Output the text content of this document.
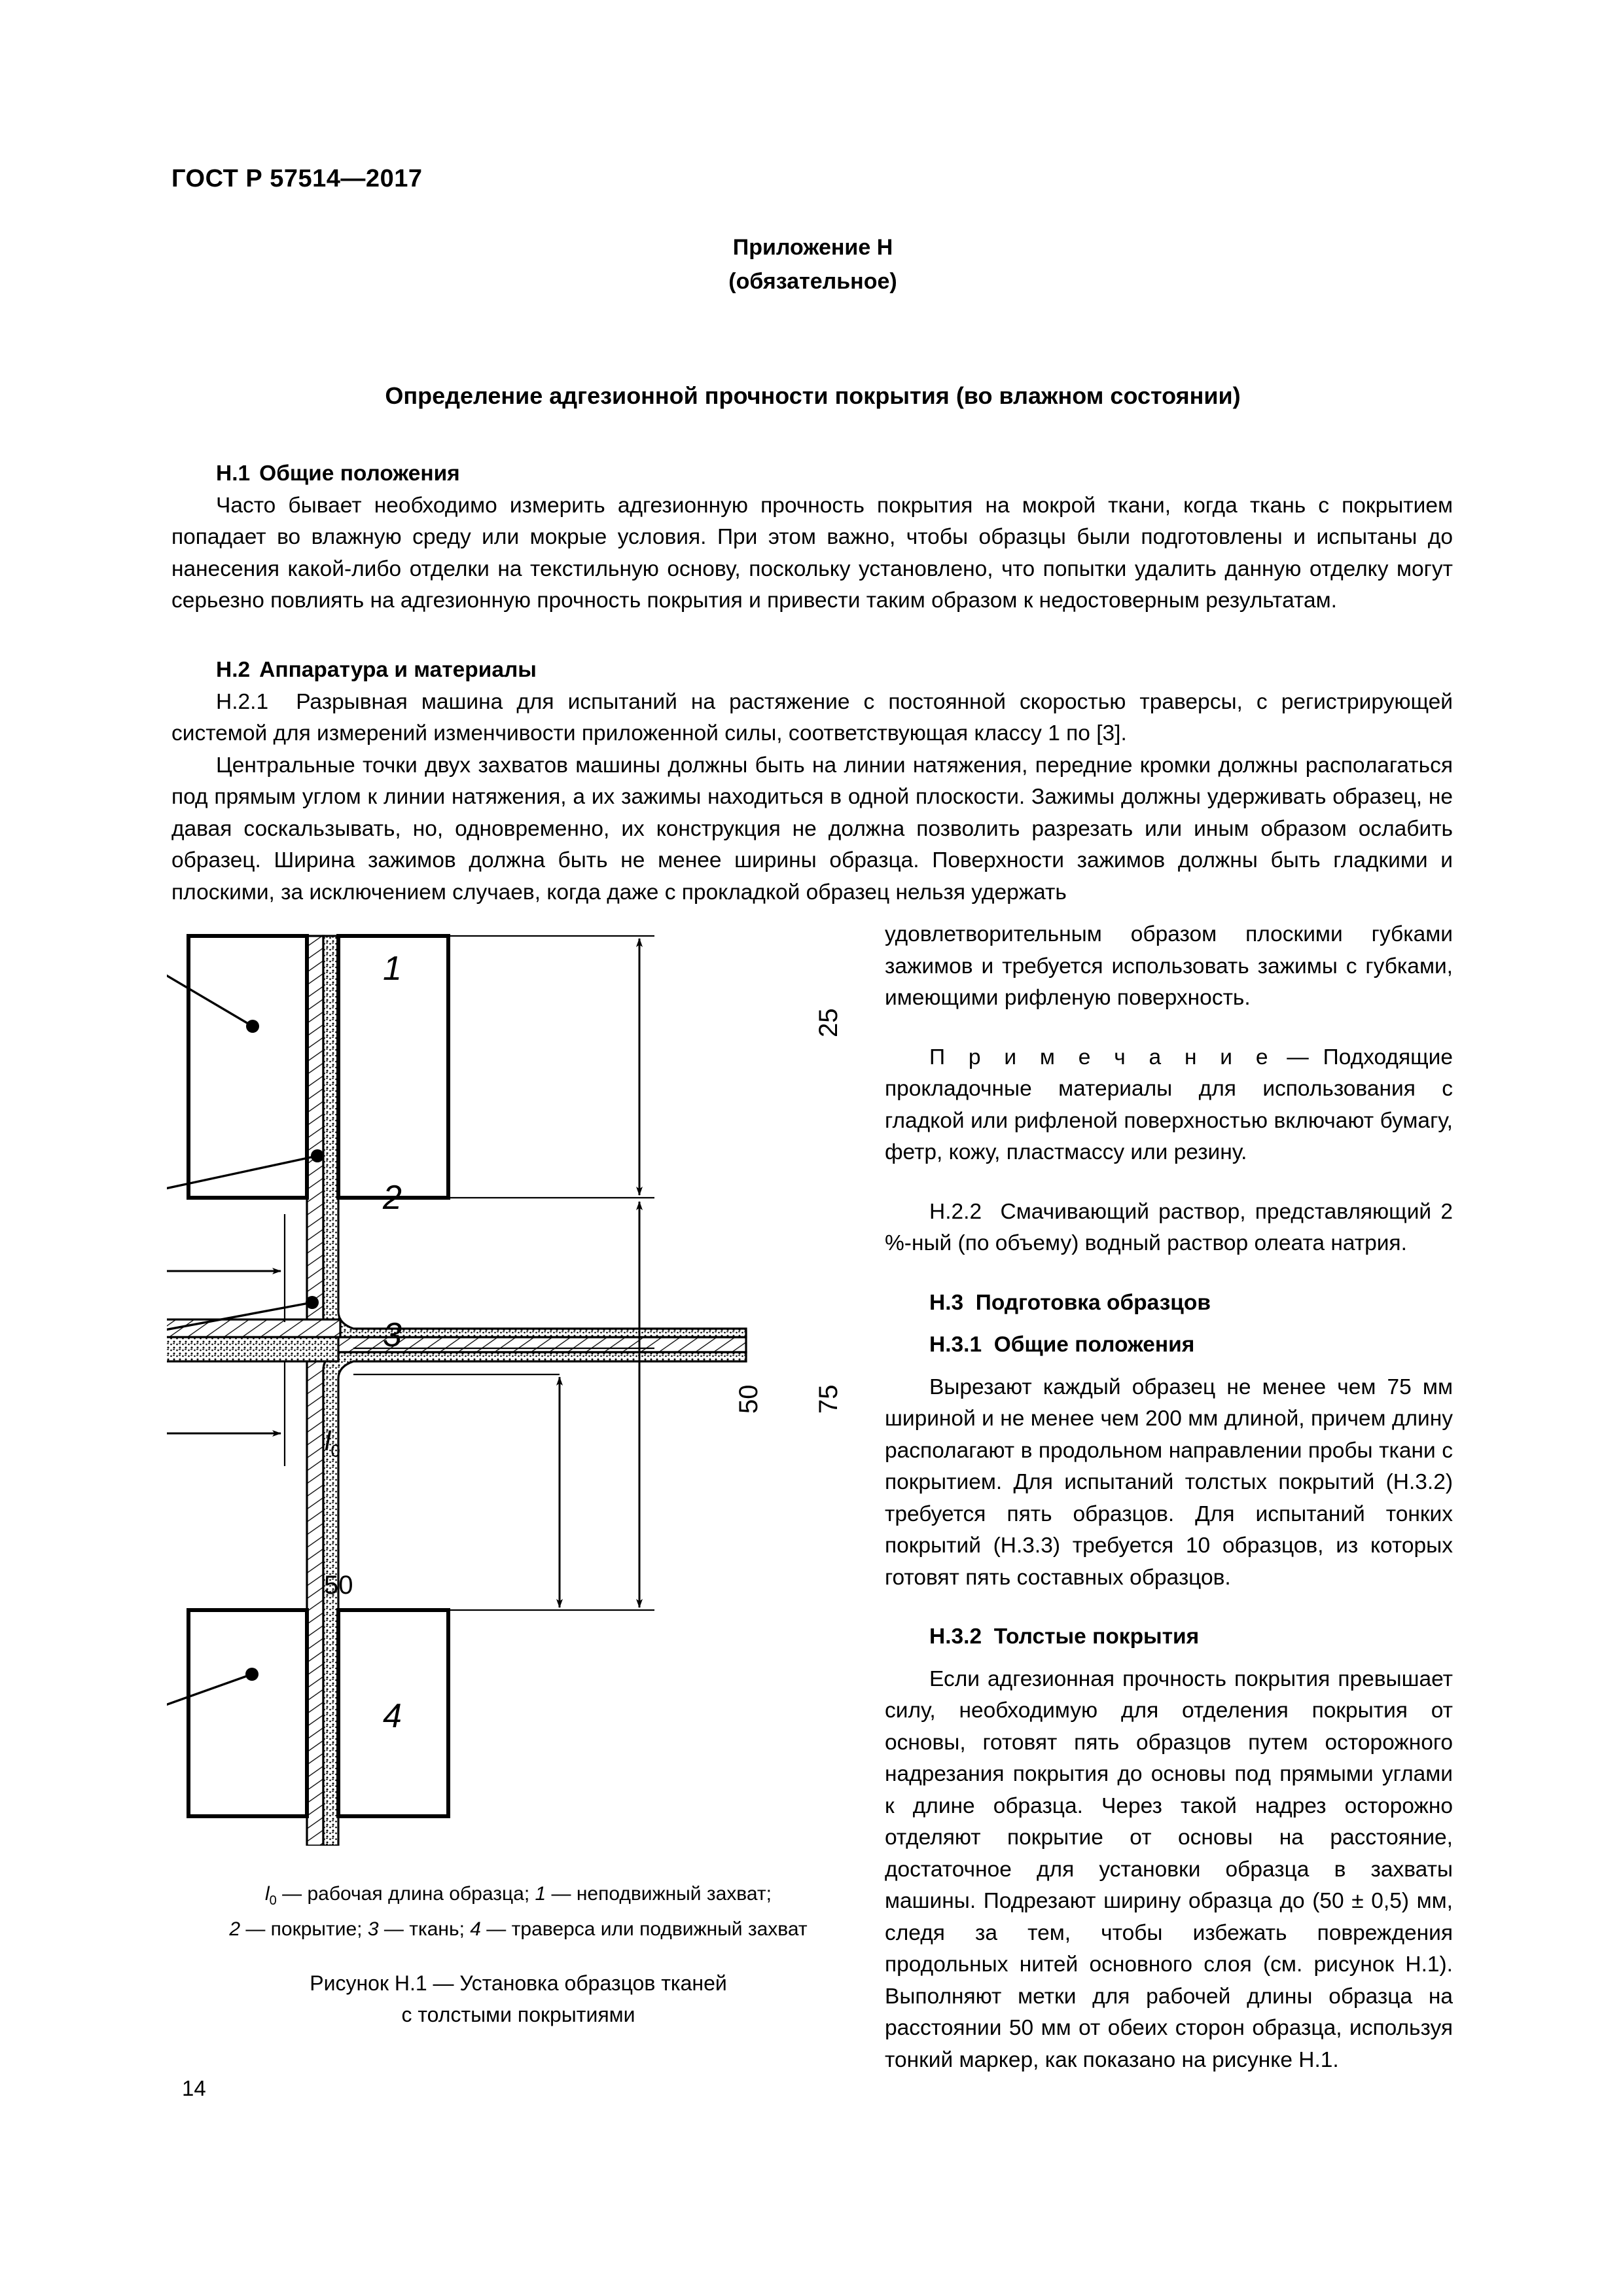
ГОСТ Р 57514—2017
Приложение Н
(обязательное)
Определение адгезионной прочности покрытия (во влажном состоянии)

Н.1 Общие положения

Часто бывает необходимо измерить адгезионную прочность покрытия на мокрой ткани, когда ткань с покрытием попадает во влажную среду или мокрые условия. При этом важно, чтобы образцы были подготовлены и испытаны до нанесения какой-либо отделки на текстильную основу, поскольку установлено, что попытки удалить данную отделку могут серьезно повлиять на адгезионную прочность покрытия и привести таким образом к недостоверным результатам.

Н.2 Аппаратура и материалы

Н.2.1 Разрывная машина для испытаний на растяжение с постоянной скоростью траверсы, с регистрирующей системой для измерений изменчивости приложенной силы, соответствующая классу 1 по [3].

Центральные точки двух захватов машины должны быть на линии натяжения, передние кромки должны располагаться под прямым углом к линии натяжения, а их зажимы находиться в одной плоскости. Зажимы должны удерживать образец, не давая соскальзывать, но, одновременно, их конструкция не должна позволить разрезать или иным образом ослабить образец. Ширина зажимов должна быть не менее ширины образца. Поверхности зажимов должны быть гладкими и плоскими, за исключением случаев, когда даже с прокладкой образец нельзя удержать

1
2
3
4
25
50 75
$l_0$
50
$l_0$ — рабочая длина образца; 1 — неподвижный захват;
2 — покрытие; 3 — ткань; 4 — траверса или подвижный захват
Рисунок Н.1 — Установка образцов тканей
с толстыми покрытиями

удовлетворительным образом плоскими губками зажимов и требуется использовать зажимы с губками, имеющими рифленую поверхность.

П р и м е ч а н и е — Подходящие прокладочные материалы для использования с гладкой или рифленой поверхностью включают бумагу, фетр, кожу, пластмассу или резину.

Н.2.2 Смачивающий раствор, представляющий 2 %-ный (по объему) водный раствор олеата натрия.

Н.3 Подготовка образцов

Н.3.1 Общие положения

Вырезают каждый образец не менее чем 75 мм шириной и не менее чем 200 мм длиной, причем длину располагают в продольном направлении пробы ткани с покрытием. Для испытаний толстых покрытий (Н.3.2) требуется пять образцов. Для испытаний тонких покрытий (Н.3.3) требуется 10 образцов, из которых готовят пять составных образцов.

Н.3.2 Толстые покрытия

Если адгезионная прочность покрытия превышает силу, необходимую для отделения покрытия от основы, готовят пять образцов путем осторожного надрезания покрытия до основы под прямыми углами к длине образца. Через такой надрез осторожно отделяют покрытие от основы на расстояние, достаточное для установки образца в захваты машины. Подрезают ширину образца до (50 ± 0,5) мм, следя за тем, чтобы избежать повреждения продольных нитей основного слоя (см. рисунок Н.1). Выполняют метки для рабочей длины образца на расстоянии 50 мм от обеих сторон образца, используя тонкий маркер, как показано на рисунке Н.1.

14
